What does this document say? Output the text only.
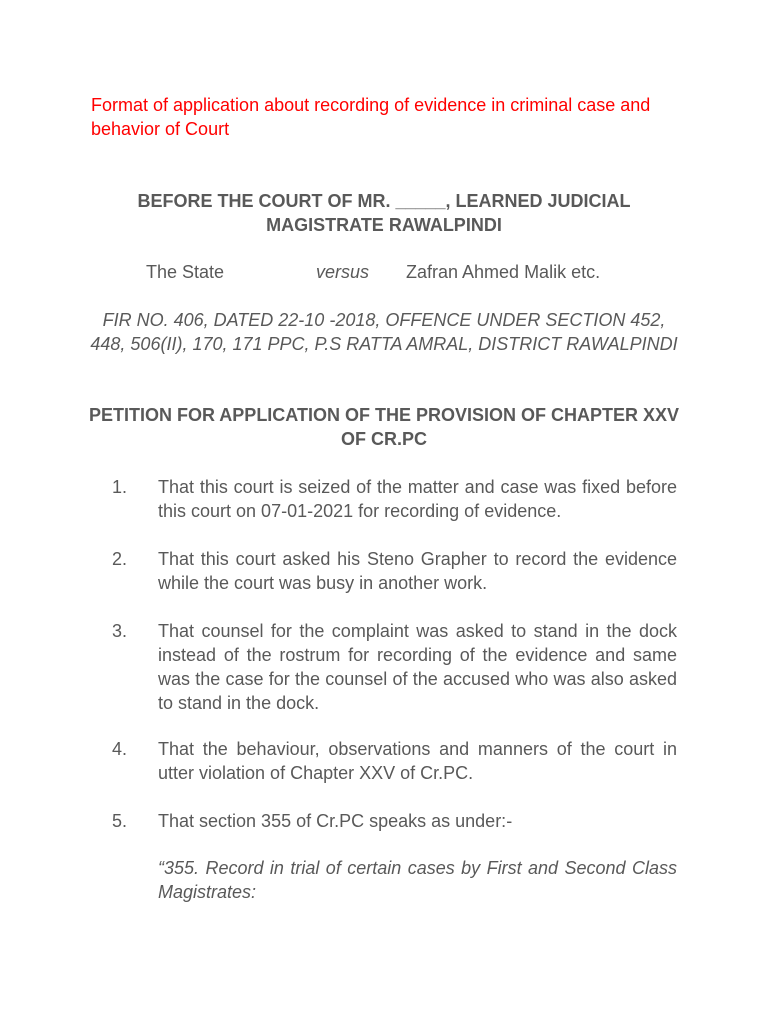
Format of application about recording of evidence in criminal case and behavior of Court
BEFORE THE COURT OF MR. _____, LEARNED JUDICIAL MAGISTRATE RAWALPINDI
The State	versus Zafran Ahmed Malik etc.
FIR NO. 406, DATED 22-10 -2018, OFFENCE UNDER SECTION 452, 448, 506(II), 170, 171 PPC, P.S RATTA AMRAL, DISTRICT RAWALPINDI
PETITION FOR APPLICATION OF THE PROVISION OF CHAPTER XXV OF CR.PC
1.	That this court is seized of the matter and case was fixed before this court on 07-01-2021 for recording of evidence.
2.	That this court asked his Steno Grapher to record the evidence while the court was busy in another work.
3.	That counsel for the complaint was asked to stand in the dock instead of the rostrum for recording of the evidence and same was the case for the counsel of the accused who was also asked to stand in the dock.
4.	That the behaviour, observations and manners of the court in utter violation of Chapter XXV of Cr.PC.
5.	That section 355 of Cr.PC speaks as under:-
“355. Record in trial of certain cases by First and Second Class Magistrates:
